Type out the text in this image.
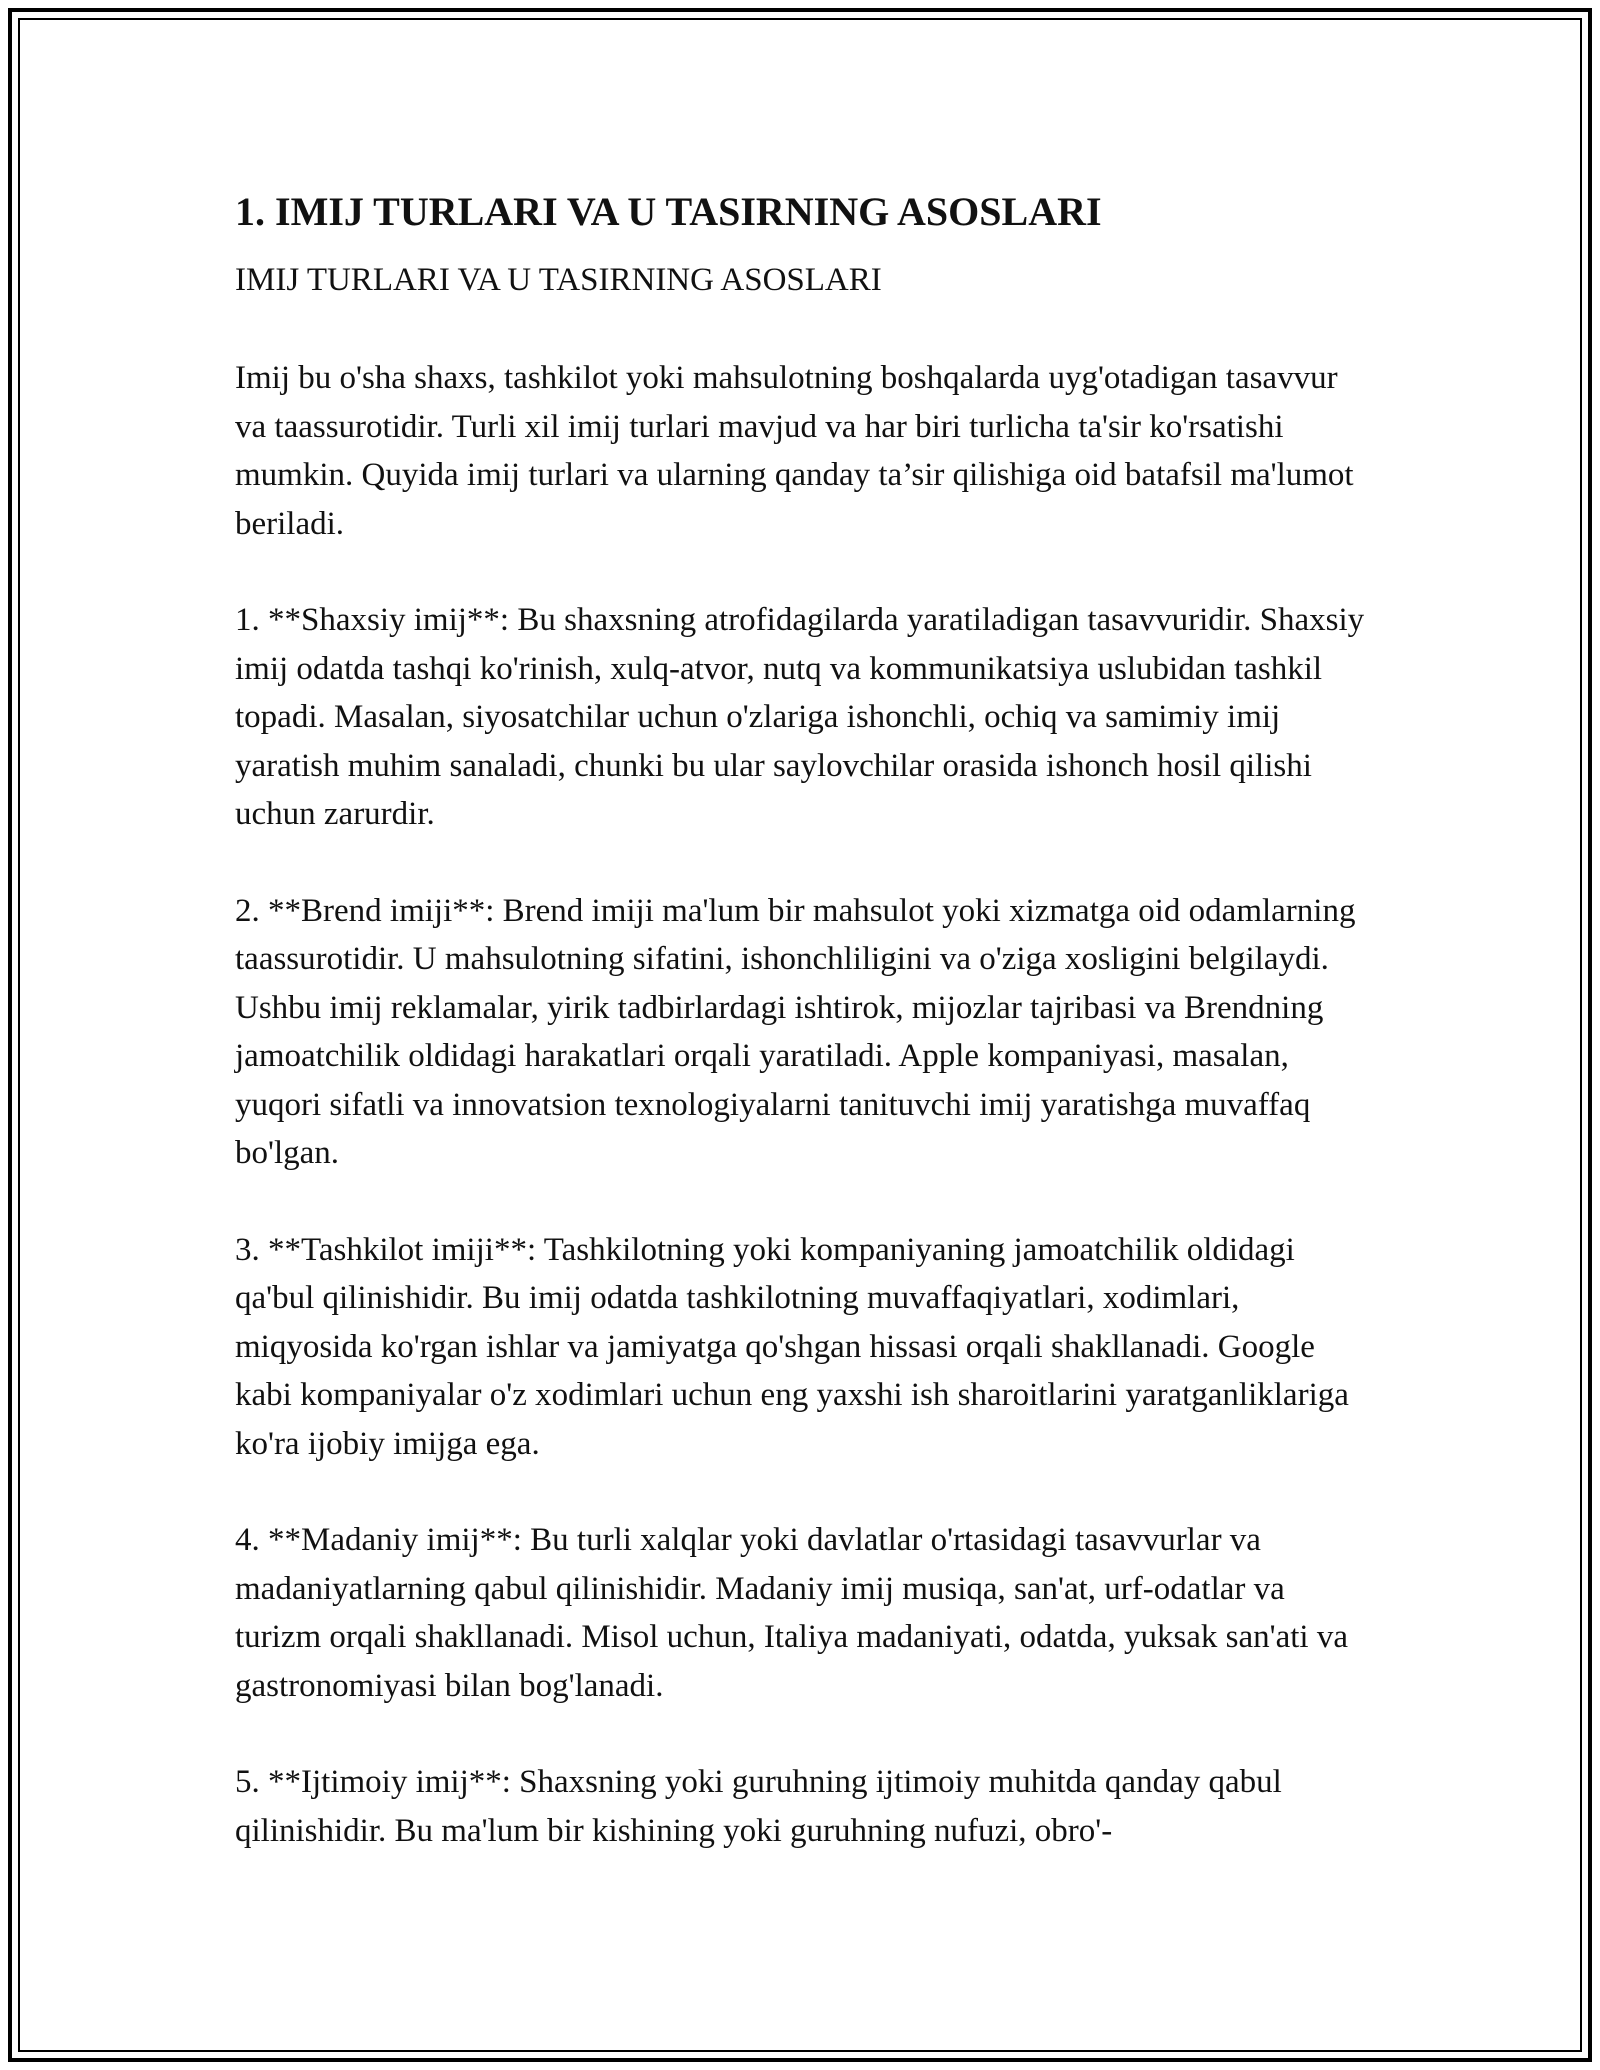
1. IMIJ TURLARI VA U TASIRNING ASOSLARI
IMIJ TURLARI VA U TASIRNING ASOSLARI

Imij bu o'sha shaxs, tashkilot yoki mahsulotning boshqalarda uyg'otadigan tasavvur va taassurotidir. Turli xil imij turlari mavjud va har biri turlicha ta'sir ko'rsatishi mumkin. Quyida imij turlari va ularning qanday ta’sir qilishiga oid batafsil ma'lumot beriladi.

1. **Shaxsiy imij**: Bu shaxsning atrofidagilarda yaratiladigan tasavvuridir. Shaxsiy imij odatda tashqi ko'rinish, xulq-atvor, nutq va kommunikatsiya uslubidan tashkil topadi. Masalan, siyosatchilar uchun o'zlariga ishonchli, ochiq va samimiy imij yaratish muhim sanaladi, chunki bu ular saylovchilar orasida ishonch hosil qilishi uchun zarurdir.

2. **Brend imiji**: Brend imiji ma'lum bir mahsulot yoki xizmatga oid odamlarning taassurotidir. U mahsulotning sifatini, ishonchliligini va o'ziga xosligini belgilaydi. Ushbu imij reklamalar, yirik tadbirlardagi ishtirok, mijozlar tajribasi va Brendning jamoatchilik oldidagi harakatlari orqali yaratiladi. Apple kompaniyasi, masalan, yuqori sifatli va innovatsion texnologiyalarni tanituvchi imij yaratishga muvaffaq bo'lgan.

3. **Tashkilot imiji**: Tashkilotning yoki kompaniyaning jamoatchilik oldidagi qa'bul qilinishidir. Bu imij odatda tashkilotning muvaffaqiyatlari, xodimlari, miqyosida ko'rgan ishlar va jamiyatga qo'shgan hissasi orqali shakllanadi. Google kabi kompaniyalar o'z xodimlari uchun eng yaxshi ish sharoitlarini yaratganliklariga ko'ra ijobiy imijga ega.

4. **Madaniy imij**: Bu turli xalqlar yoki davlatlar o'rtasidagi tasavvurlar va madaniyatlarning qabul qilinishidir. Madaniy imij musiqa, san'at, urf-odatlar va turizm orqali shakllanadi. Misol uchun, Italiya madaniyati, odatda, yuksak san'ati va gastronomiyasi bilan bog'lanadi.

5. **Ijtimoiy imij**: Shaxsning yoki guruhning ijtimoiy muhitda qanday qabul qilinishidir. Bu ma'lum bir kishining yoki guruhning nufuzi, obro'-
